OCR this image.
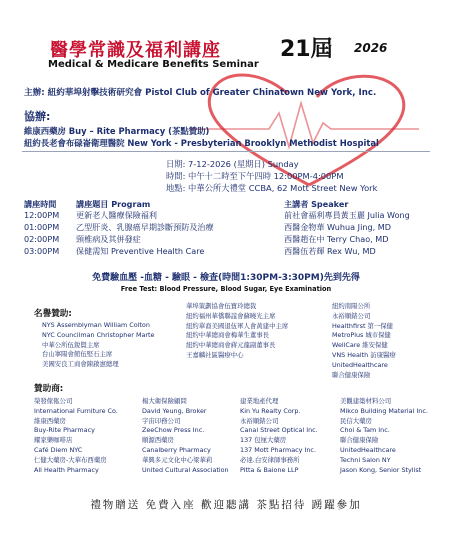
醫學常識及福利講座	21屆 2026
Medical & Medicare Benefits Seminar
主辦: 紐約華埠射擊技術研究會 Pistol Club of Greater Chinatown New York, Inc.
協辦:
維康西藥房 Buy – Rite Pharmacy (茶點贊助)
紐約長老會布碌崙衛理醫院 New York - Presbyterian Brooklyn Methodist Hospital
日期: 7-12-2026 (星期日) Sunday
時間: 中午十二時至下午四時 12:00PM-4:00PM
地點: 中華公所大禮堂 CCBA, 62 Mott Street New York
講座時間	講座題目 Program	主講者 Speaker
12:00PM	更新老人醫療保險福利	前社會福利專員黃玉麗 Julia Wong
01:00PM	乙型肝炎、乳腺癌早期診斷預防及治療	西醫金物華 Wuhua Jing, MD
02:00PM	頸椎病及其併發症	西醫趙在中 Terry Chao, MD
03:00PM	保健需知 Preventive Health Care	西醫伍若輝 Rex Wu, MD
免費驗血壓 -血糖 - 驗眼 - 檢查(時間1:30PM-3:30PM)先到先得
Free Test: Blood Pressure, Blood Sugar, Eye Examination
名譽贊助:
NYS Assemblyman William Colton
NYC Councilman Christopher Marte
中華公所伍銳賢主席
台山寧陽會館伍堅石主席
美國安良工商會陳啟憲總理
華埠策劃協會伍寶玲總裁
紐約福州華僑聯誼會蘇曉光主席
紐約華裔美國退伍軍人會黃建中主席
紐約中華總商會梅華生董事長
紐約中華總商會蔣元龍副董事長
王嘉麟社區醫療中心
紐約南陽公所
永裕順錶公司
Healthfirst 第一保健
MetroPlus 城市保健
WellCare 維安保健
VNS Health 訪康醫療
UnitedHealthcare
聯合健康保險
贊助商:
榮發傢俬公司
International Furniture Co.
維康西藥房
Buy-Rite Pharmacy
耀家樂咖啡店
Café Diem NYC
仁健大藥房-大華布西藥房
All Health Pharmacy
楊大衛保險顧問
David Yeung, Broker
宇宙印務公司
ZeeChow Press Inc.
順源西藥房
Canalberry Pharmacy
華興多元文化中心梁華莉
United Cultural Association
建業地產代理
Kin Yu Realty Corp.
永裕順錶公司
Canal Street Optical Inc.
137 包厘大藥房
137 Mott Pharmacy Inc.
必達.白安律師事務所
Pitta & Baione LLP
美觀建築材料公司
Mikco Building Material Inc.
民信大藥房
Choi & Tam Inc.
聯合健康保險
UnitedHealthcare
Techni Salon NY
Jason Kong, Senior Stylist
禮物贈送 免費入座 歡迎聽講 茶點招待 踴躍參加
